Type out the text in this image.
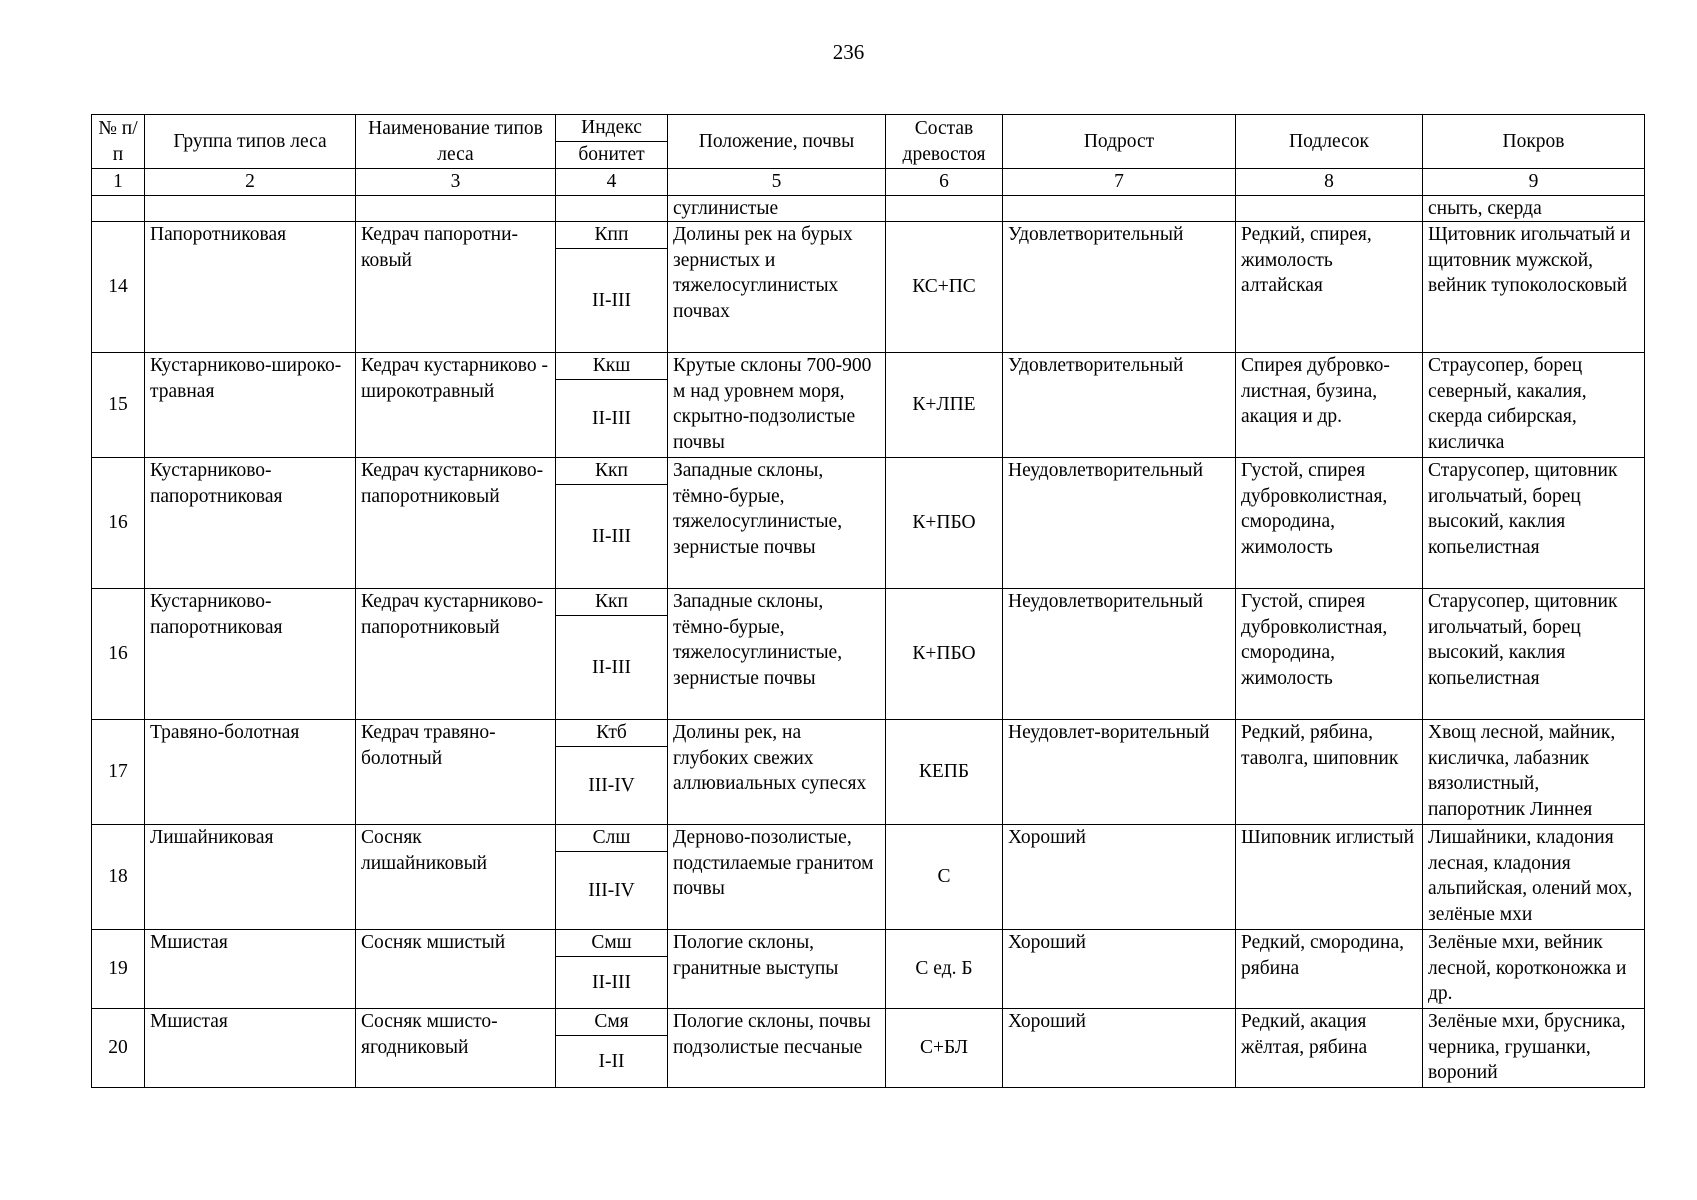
236
№ п/п	Группа типов леса	Наименование типов леса	Индекс	Положение, почвы	Состав древостоя	Подрост	Подлесок	Покров
			бонитет					
1	2	3	4	5	6	7	8	9
				суглинистые				сныть, скерда
14	Папоротниковая	Кедрач папоротни-ковый	Кпп	Долины рек на бурых зернистых и тяжелосуглинистых почвах	КС+ПС	Удовлетворительный	Редкий, спирея, жимолость алтайская	Щитовник игольчатый и щитовник мужской, вейник тупоколосковый
			II-III					
15	Кустарниково-широко-травная	Кедрач кустарниково - широкотравный	Ккш	Крутые склоны 700-900 м над уровнем моря, скрытно-подзолистые почвы	К+ЛПЕ	Удовлетворительный	Спирея дубровко-листная, бузина, акация и др.	Страусопер, борец северный, какалия, скерда сибирская, кисличка
			II-III					
16	Кустарниково-папоротниковая	Кедрач кустарниково-папоротниковый	Ккп	Западные склоны, тёмно-бурые, тяжелосуглинистые, зернистые почвы	К+ПБО	Неудовлетворительный	Густой, спирея дубровколистная, смородина, жимолость	Старусопер, щитовник игольчатый, борец высокий, каклия копьелистная
			II-III					
16	Кустарниково-папоротниковая	Кедрач кустарниково-папоротниковый	Ккп	Западные склоны, тёмно-бурые, тяжелосуглинистые, зернистые почвы	К+ПБО	Неудовлетворительный	Густой, спирея дубровколистная, смородина, жимолость	Старусопер, щитовник игольчатый, борец высокий, каклия копьелистная
			II-III					
17	Травяно-болотная	Кедрач травяно-болотный	Ктб	Долины рек, на глубоких свежих аллювиальных супесях	КЕПБ	Неудовлет-ворительный	Редкий, рябина, таволга, шиповник	Хвощ лесной, майник, кисличка, лабазник вязолистный, папоротник Линнея
			III-IV					
18	Лишайниковая	Сосняк лишайниковый	Слш	Дерново-позолистые, подстилаемые гранитом почвы	С	Хороший	Шиповник иглистый	Лишайники, кладония лесная, кладония альпийская, олений мох, зелёные мхи
			III-IV					
19	Мшистая	Сосняк мшистый	Смш	Пологие склоны, гранитные выступы	С ед. Б	Хороший	Редкий, смородина, рябина	Зелёные мхи, вейник лесной, коротконожка и др.
			II-III					
20	Мшистая	Сосняк мшисто-ягодниковый	Смя	Пологие склоны, почвы подзолистые песчаные	С+БЛ	Хороший	Редкий, акация жёлтая, рябина	Зелёные мхи, брусника, черника, грушанки, вороний
			I-II					
